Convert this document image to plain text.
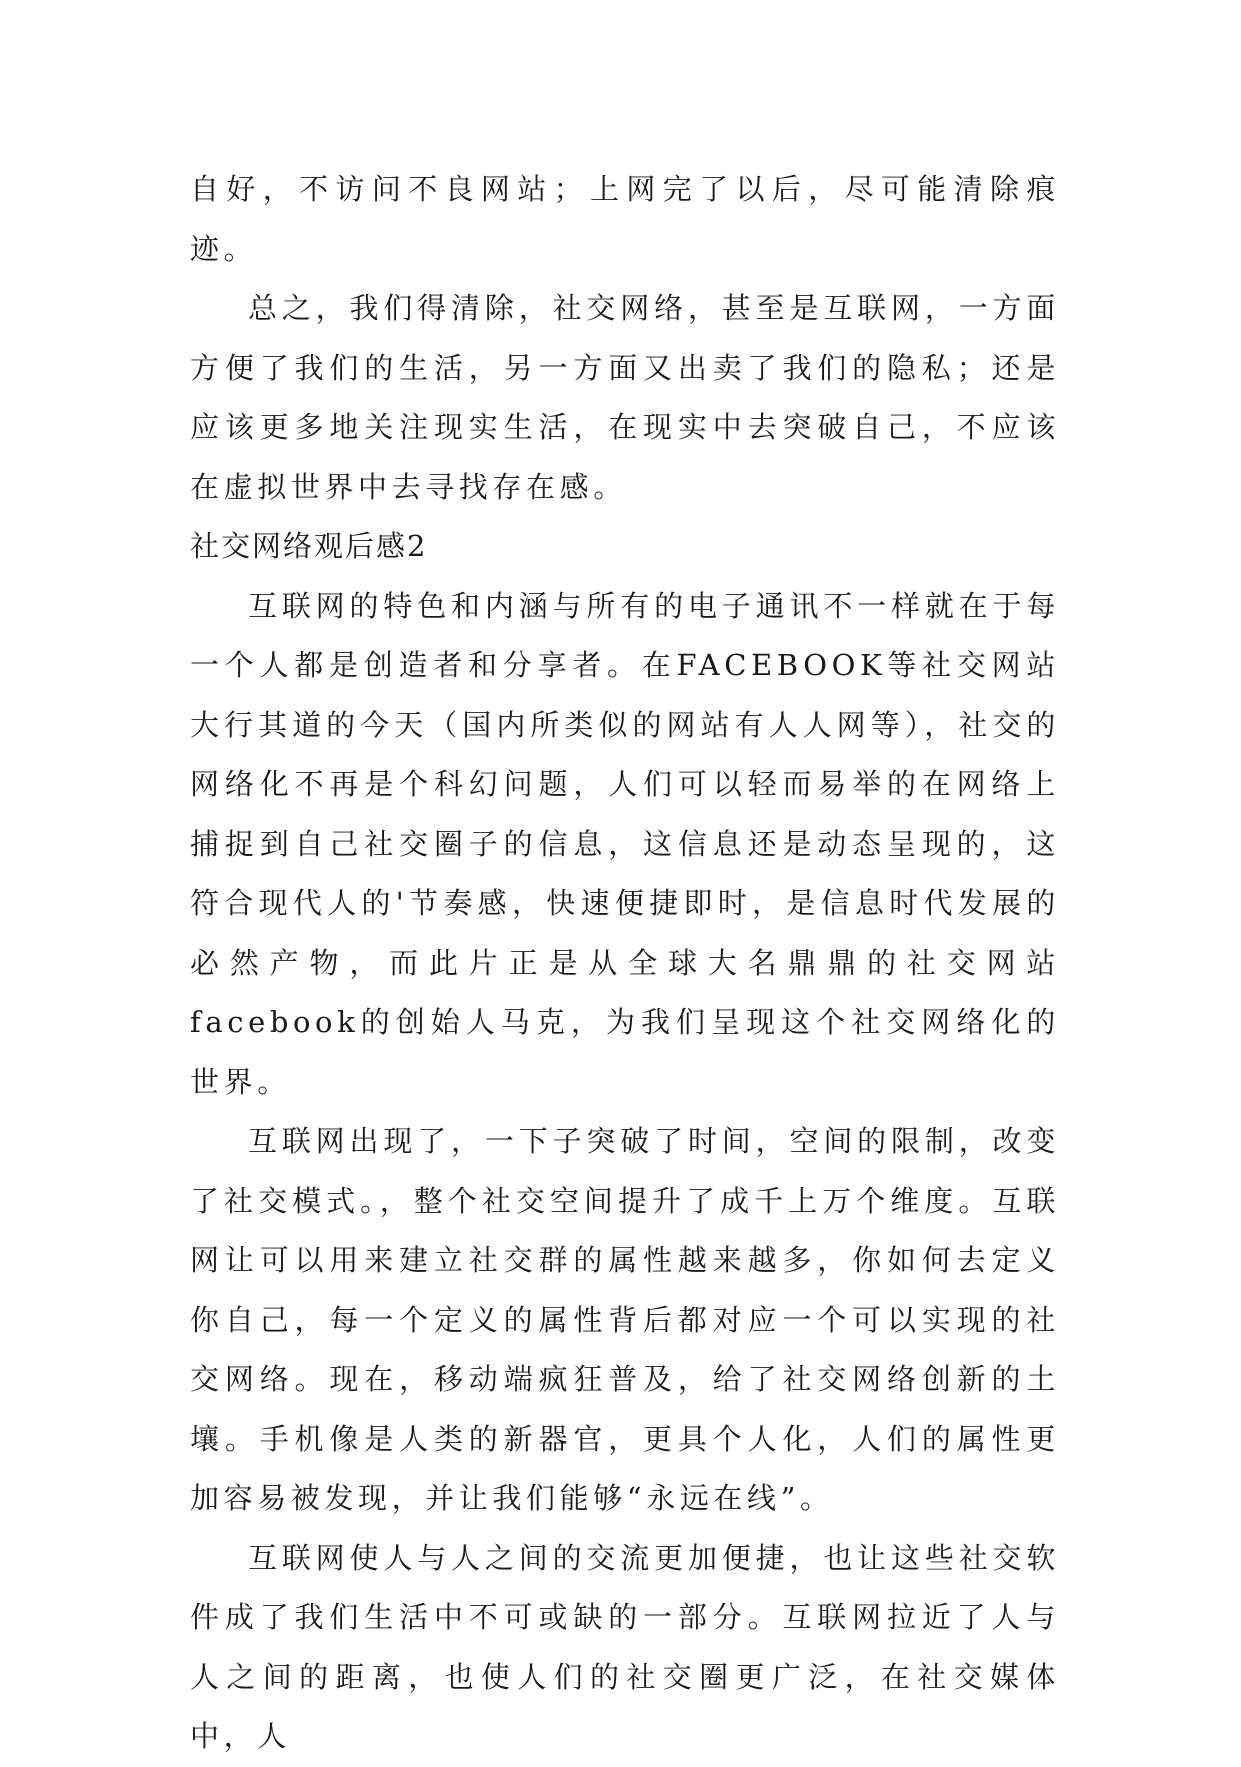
自好，不访问不良网站；上网完了以后，尽可能清除痕迹。

总之，我们得清除，社交网络，甚至是互联网，一方面方便了我们的生活，另一方面又出卖了我们的隐私；还是应该更多地关注现实生活，在现实中去突破自己，不应该在虚拟世界中去寻找存在感。

社交网络观后感2

互联网的特色和内涵与所有的电子通讯不一样就在于每一个人都是创造者和分享者。在FACEBOOK等社交网站大行其道的今天（国内所类似的网站有人人网等），社交的网络化不再是个科幻问题，人们可以轻而易举的在网络上捕捉到自己社交圈子的信息，这信息还是动态呈现的，这符合现代人的'节奏感，快速便捷即时，是信息时代发展的必然产物，而此片正是从全球大名鼎鼎的社交网站facebook的创始人马克，为我们呈现这个社交网络化的世界。

互联网出现了，一下子突破了时间，空间的限制，改变了社交模式。，整个社交空间提升了成千上万个维度。互联网让可以用来建立社交群的属性越来越多，你如何去定义你自己，每一个定义的属性背后都对应一个可以实现的社交网络。现在，移动端疯狂普及，给了社交网络创新的土壤。手机像是人类的新器官，更具个人化，人们的属性更加容易被发现，并让我们能够“永远在线”。

互联网使人与人之间的交流更加便捷，也让这些社交软件成了我们生活中不可或缺的一部分。互联网拉近了人与人之间的距离，也使人们的社交圈更广泛，在社交媒体中，人
